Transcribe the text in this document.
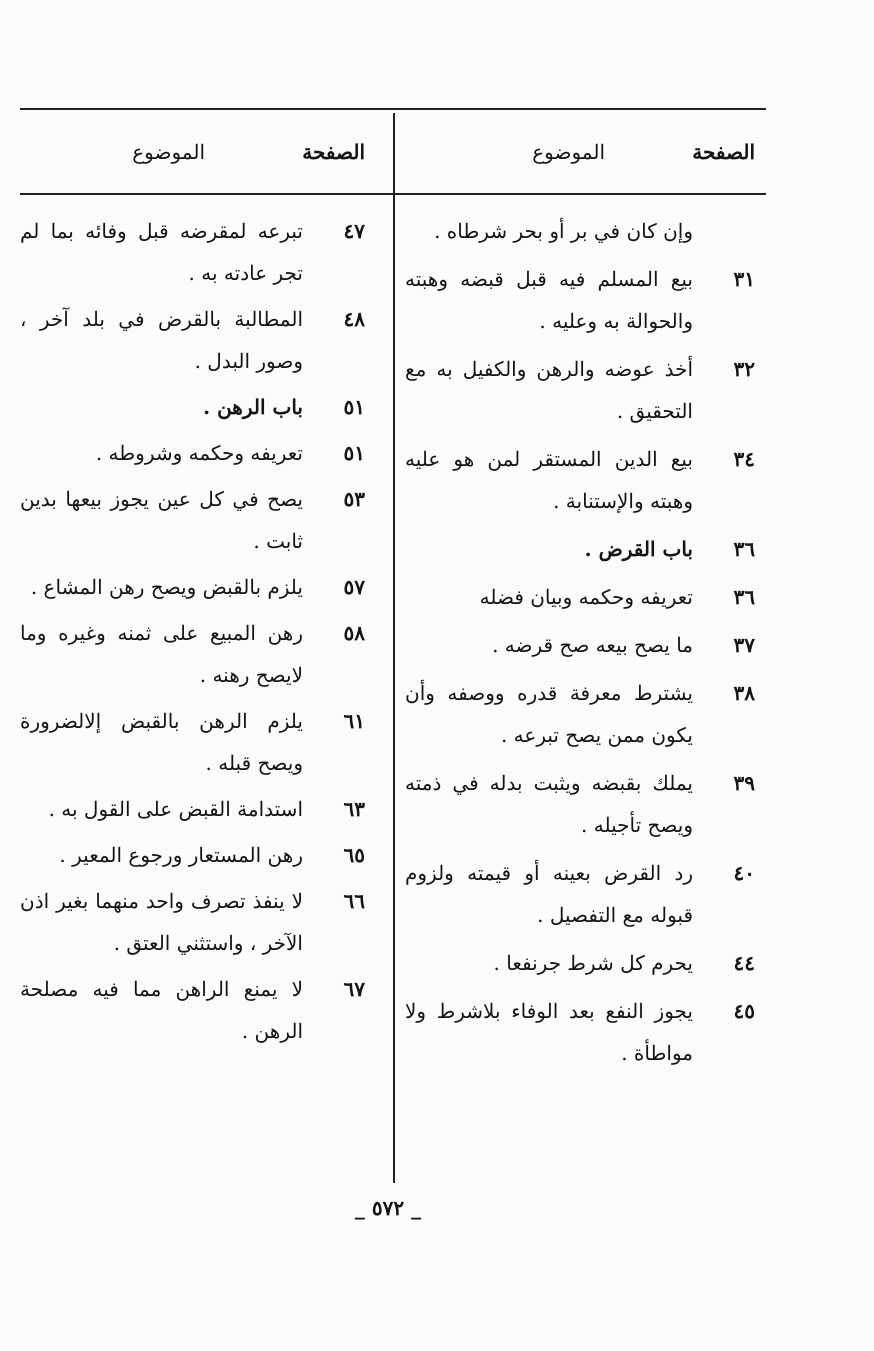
الصفحة
الموضوع
الصفحة
الموضوع
وإن كان في بر أو بحر شرطاه .
٣١
بيع المسلم فيه قبل قبضه وهبته والحوالة به وعليه .
٣٢
أخذ عوضه والرهن والكفيل به مع التحقيق .
٣٤
بيع الدين المستقر لمن هو عليه وهبته والإستنابة .
٣٦
باب القرض .
٣٦
تعريفه وحكمه وبيان فضله
٣٧
ما يصح بيعه صح قرضه .
٣٨
يشترط معرفة قدره ووصفه وأن يكون ممن يصح تبرعه .
٣٩
يملك بقبضه ويثبت بدله في ذمته ويصح تأجيله .
٤٠
رد القرض بعينه أو قيمته ولزوم قبوله مع التفصيل .
٤٤
يحرم كل شرط جرنفعا .
٤٥
يجوز النفع بعد الوفاء بلاشرط ولا مواطأة .
٤٧
تبرعه لمقرضه قبل وفائه بما لم تجر عادته به .
٤٨
المطالبة بالقرض في بلد آخر ، وصور البدل .
٥١
باب الرهن .
٥١
تعريفه وحكمه وشروطه .
٥٣
يصح في كل عين يجوز بيعها بدين ثابت .
٥٧
يلزم بالقبض ويصح رهن المشاع .
٥٨
رهن المبيع على ثمنه وغيره وما لايصح رهنه .
٦١
يلزم الرهن بالقبض إلالضرورة ويصح قبله .
٦٣
استدامة القبض على القول به .
٦٥
رهن المستعار ورجوع المعير .
٦٦
لا ينفذ تصرف واحد منهما بغير اذن الآخر ، واستثني العتق .
٦٧
لا يمنع الراهن مما فيه مصلحة الرهن .
_ ٥٧٢ _
